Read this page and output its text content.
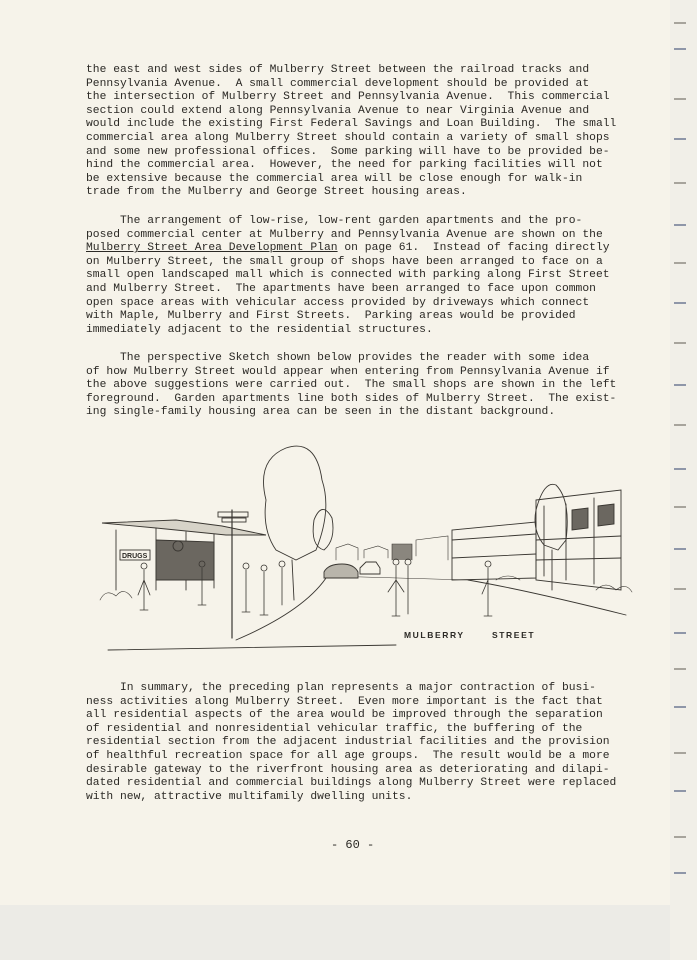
the east and west sides of Mulberry Street between the railroad tracks and
Pennsylvania Avenue.  A small commercial development should be provided at
the intersection of Mulberry Street and Pennsylvania Avenue.  This commercial
section could extend along Pennsylvania Avenue to near Virginia Avenue and
would include the existing First Federal Savings and Loan Building.  The small
commercial area along Mulberry Street should contain a variety of small shops
and some new professional offices.  Some parking will have to be provided be-
hind the commercial area.  However, the need for parking facilities will not
be extensive because the commercial area will be close enough for walk-in
trade from the Mulberry and George Street housing areas.
The arrangement of low-rise, low-rent garden apartments and the pro-
posed commercial center at Mulberry and Pennsylvania Avenue are shown on the
Mulberry Street Area Development Plan on page 61.  Instead of facing directly
on Mulberry Street, the small group of shops have been arranged to face on a
small open landscaped mall which is connected with parking along First Street
and Mulberry Street.  The apartments have been arranged to face upon common
open space areas with vehicular access provided by driveways which connect
with Maple, Mulberry and First Streets.  Parking areas would be provided
immediately adjacent to the residential structures.
The perspective Sketch shown below provides the reader with some idea
of how Mulberry Street would appear when entering from Pennsylvania Avenue if
the above suggestions were carried out.  The small shops are shown in the left
foreground.  Garden apartments line both sides of Mulberry Street.  The exist-
ing single-family housing area can be seen in the distant background.
DRUGS
MULBERRY	STREET
In summary, the preceding plan represents a major contraction of busi-
ness activities along Mulberry Street.  Even more important is the fact that
all residential aspects of the area would be improved through the separation
of residential and nonresidential vehicular traffic, the buffering of the
residential section from the adjacent industrial facilities and the provision
of healthful recreation space for all age groups.  The result would be a more
desirable gateway to the riverfront housing area as deteriorating and dilapi-
dated residential and commercial buildings along Mulberry Street were replaced
with new, attractive multifamily dwelling units.
- 60 -
